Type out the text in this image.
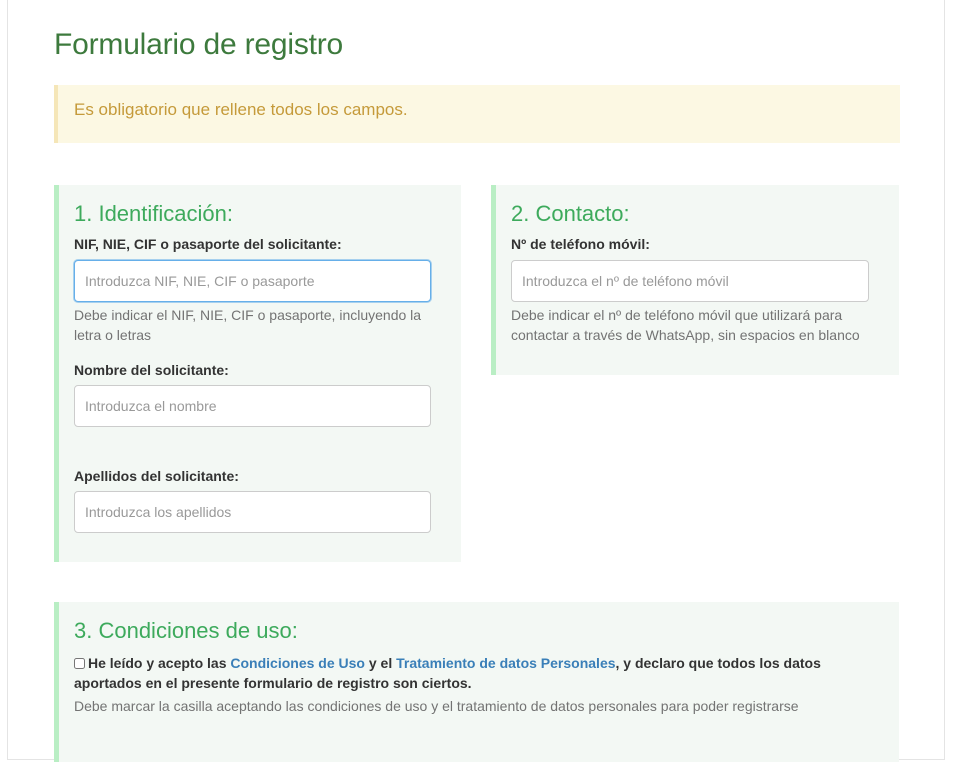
Formulario de registro
Es obligatorio que rellene todos los campos.
1. Identificación:
NIF, NIE, CIF o pasaporte del solicitante:
Introduzca NIF, NIE, CIF o pasaporte
Debe indicar el NIF, NIE, CIF o pasaporte, incluyendo la
letra o letras
Nombre del solicitante:
Introduzca el nombre
Apellidos del solicitante:
Introduzca los apellidos
2. Contacto:
Nº de teléfono móvil:
Introduzca el nº de teléfono móvil
Debe indicar el nº de teléfono móvil que utilizará para
contactar a través de WhatsApp, sin espacios en blanco
3. Condiciones de uso:
He leído y acepto las Condiciones de Uso y el Tratamiento de datos Personales, y declaro que todos los datos aportados en el presente formulario de registro son ciertos.
Debe marcar la casilla aceptando las condiciones de uso y el tratamiento de datos personales para poder registrarse
